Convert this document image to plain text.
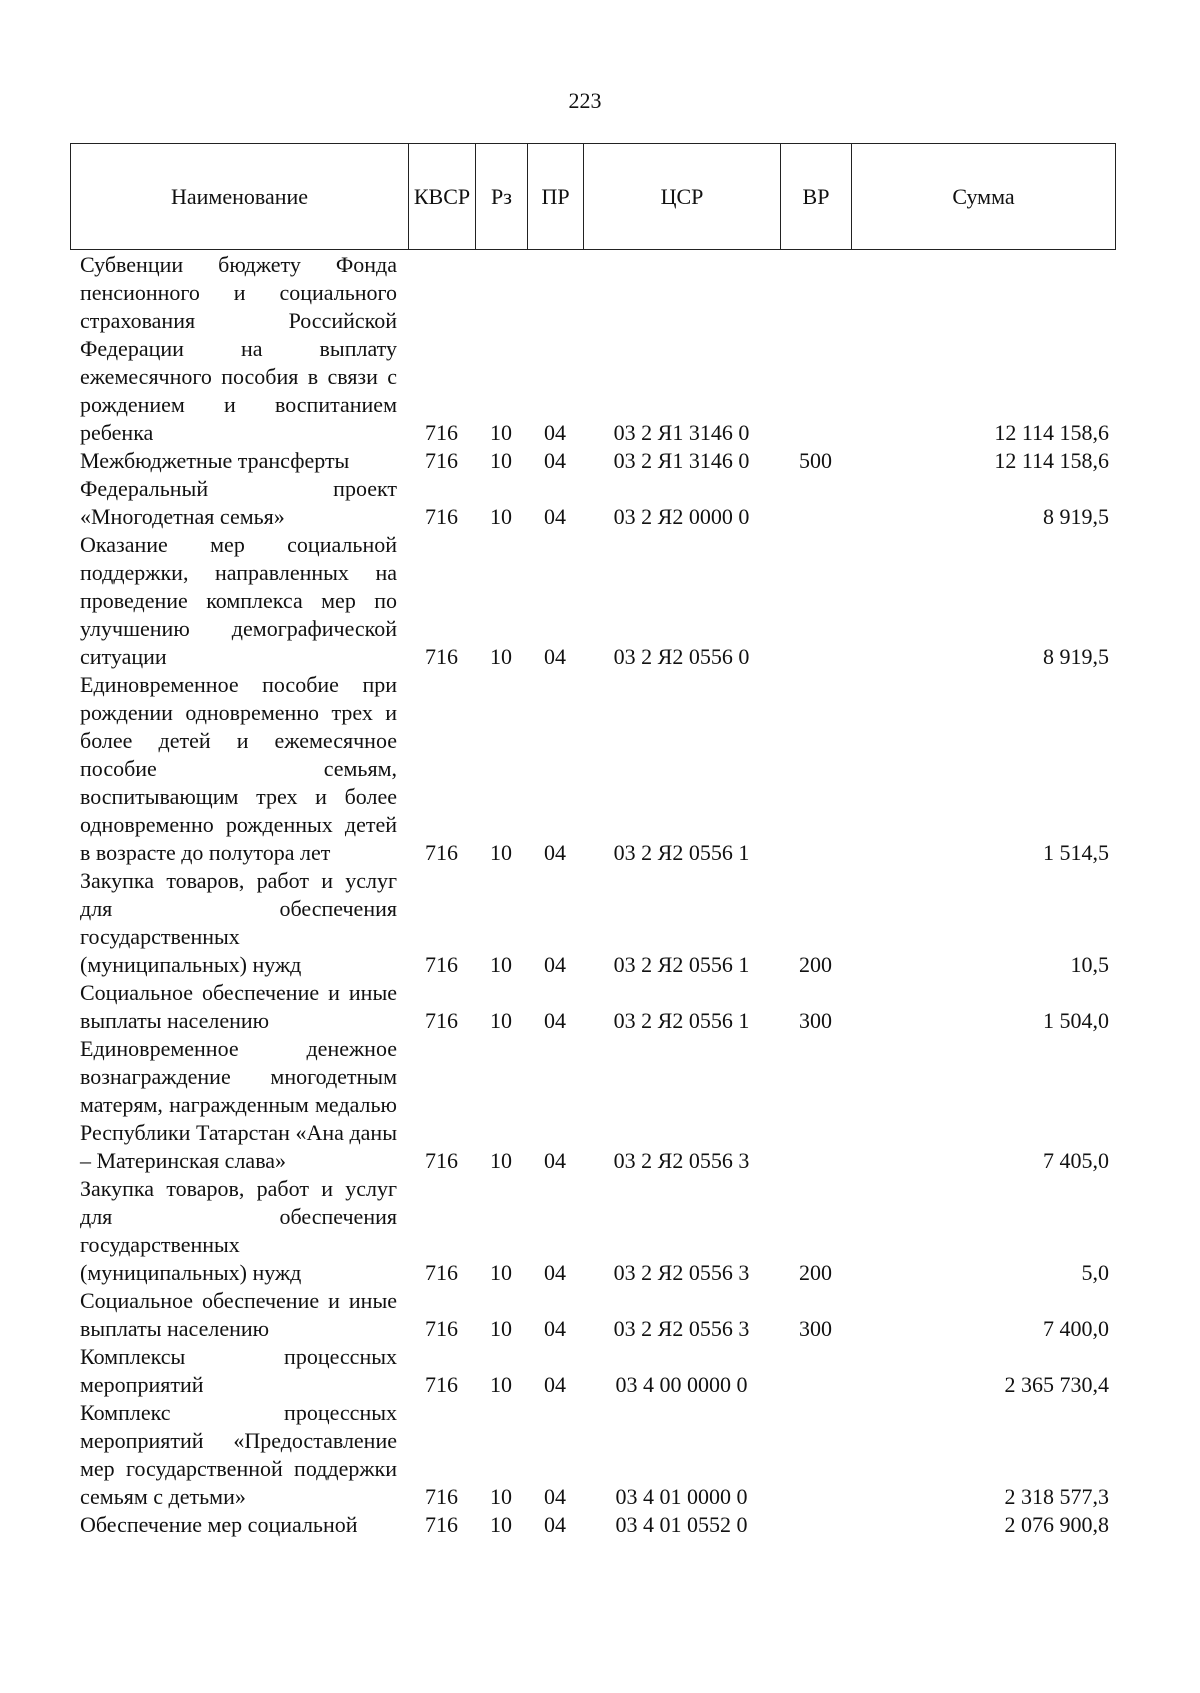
223
Наименование	КВСР	Рз	ПР	ЦСР	ВР	Сумма
Субвенции бюджету Фонда пенсионного и социального страхования Российской Федерации на выплату ежемесячного пособия в связи с рождением и воспитанием ребенка	716	10	04	03 2 Я1 3146 0		12 114 158,6
Межбюджетные трансферты	716	10	04	03 2 Я1 3146 0	500	12 114 158,6
Федеральный проект «Многодетная семья»	716	10	04	03 2 Я2 0000 0		8 919,5
Оказание мер социальной поддержки, направленных на проведение комплекса мер по улучшению демографической ситуации	716	10	04	03 2 Я2 0556 0		8 919,5
Единовременное пособие при рождении одновременно трех и более детей и ежемесячное пособие семьям, воспитывающим трех и более одновременно рожденных детей в возрасте до полутора лет	716	10	04	03 2 Я2 0556 1		1 514,5
Закупка товаров, работ и услуг для обеспечения государственных (муниципальных) нужд	716	10	04	03 2 Я2 0556 1	200	10,5
Социальное обеспечение и иные выплаты населению	716	10	04	03 2 Я2 0556 1	300	1 504,0
Единовременное денежное вознаграждение многодетным матерям, награжденным медалью Республики Татарстан «Ана даны – Материнская слава»	716	10	04	03 2 Я2 0556 3		7 405,0
Закупка товаров, работ и услуг для обеспечения государственных (муниципальных) нужд	716	10	04	03 2 Я2 0556 3	200	5,0
Социальное обеспечение и иные выплаты населению	716	10	04	03 2 Я2 0556 3	300	7 400,0
Комплексы процессных мероприятий	716	10	04	03 4 00 0000 0		2 365 730,4
Комплекс процессных мероприятий «Предоставление мер государственной поддержки семьям с детьми»	716	10	04	03 4 01 0000 0		2 318 577,3
Обеспечение мер социальной	716	10	04	03 4 01 0552 0		2 076 900,8
